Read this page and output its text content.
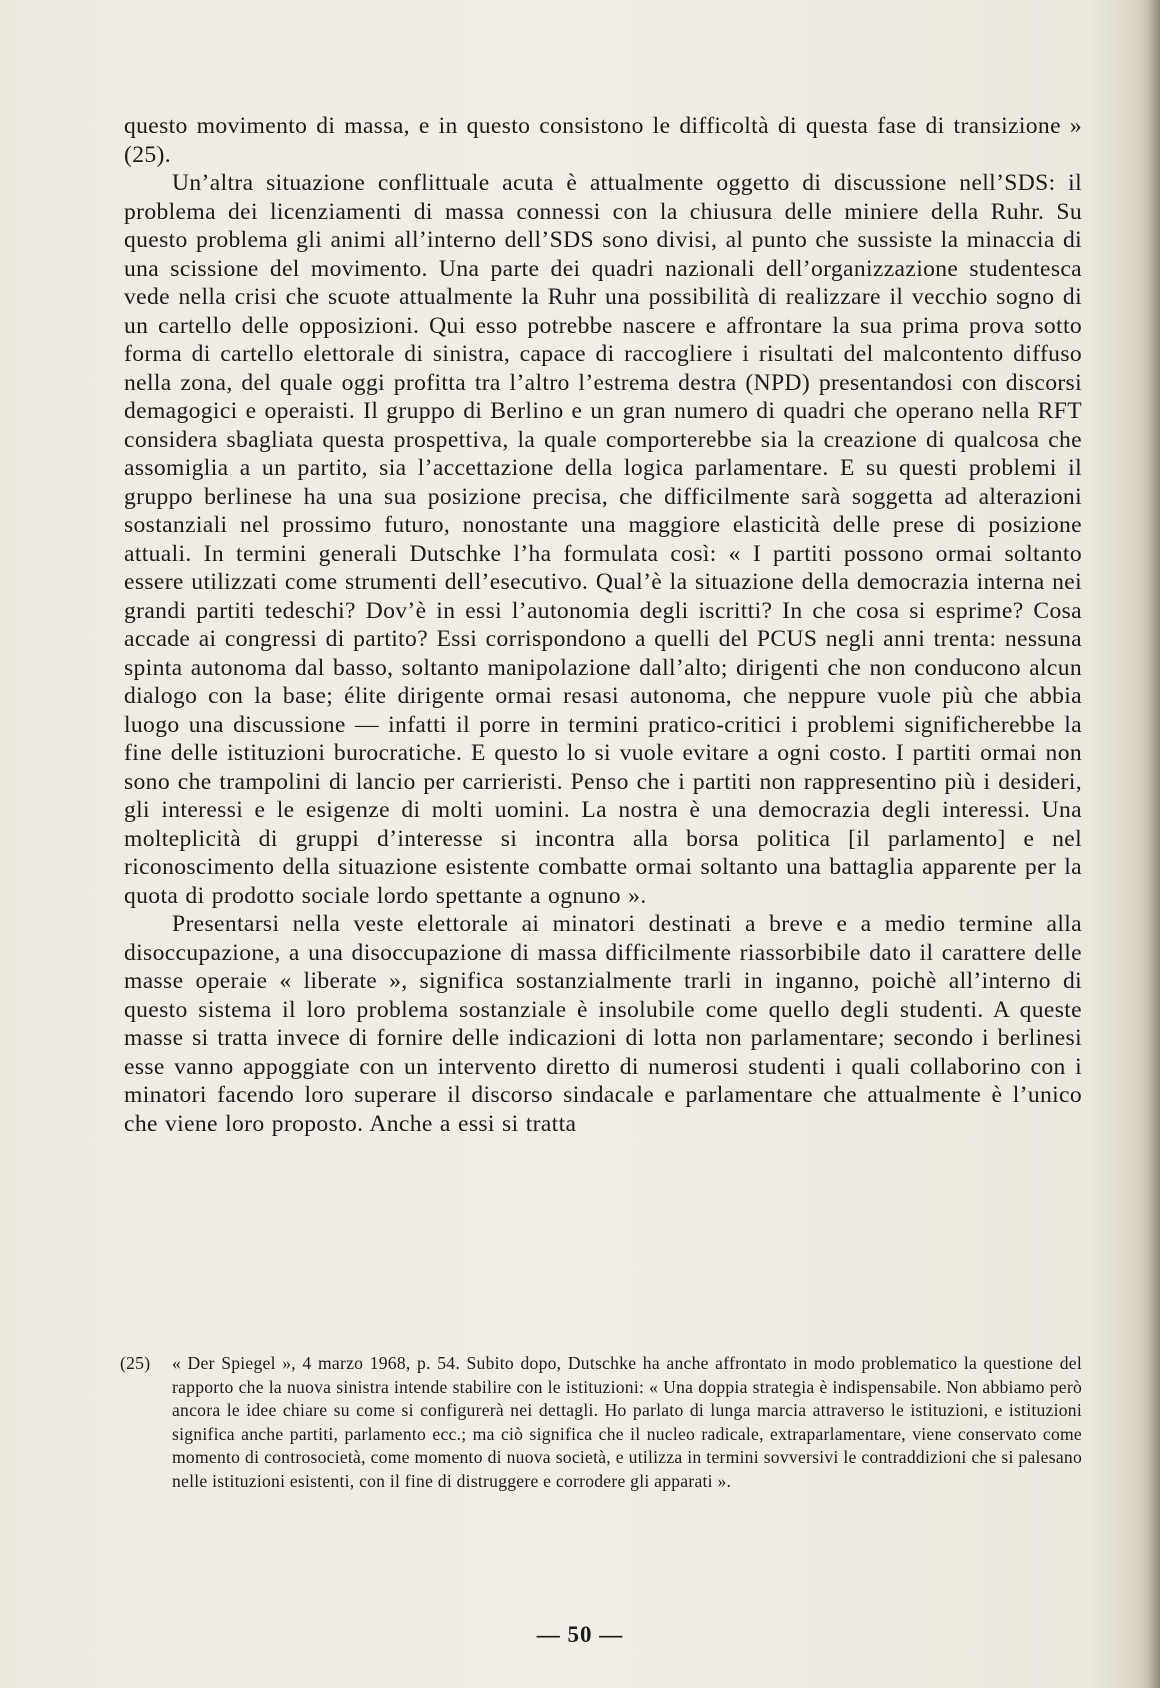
questo movimento di massa, e in questo consistono le difficoltà di questa fase di transizione » (25).

Un’altra situazione conflittuale acuta è attualmente oggetto di discussione nell’SDS: il problema dei licenziamenti di massa connessi con la chiusura delle miniere della Ruhr. Su questo problema gli animi all’interno dell’SDS sono divisi, al punto che sussiste la minaccia di una scissione del movimento. Una parte dei quadri nazionali dell’organizzazione studentesca vede nella crisi che scuote attualmente la Ruhr una possibilità di realizzare il vecchio sogno di un cartello delle opposizioni. Qui esso potrebbe nascere e affrontare la sua prima prova sotto forma di cartello elettorale di sinistra, capace di raccogliere i risultati del malcontento diffuso nella zona, del quale oggi profitta tra l’altro l’estrema destra (NPD) presentandosi con discorsi demagogici e operaisti. Il gruppo di Berlino e un gran numero di quadri che operano nella RFT considera sbagliata questa prospettiva, la quale comporterebbe sia la creazione di qualcosa che assomiglia a un partito, sia l’accettazione della logica parlamentare. E su questi problemi il gruppo berlinese ha una sua posizione precisa, che difficilmente sarà soggetta ad alterazioni sostanziali nel prossimo futuro, nonostante una maggiore elasticità delle prese di posizione attuali. In termini generali Dutschke l’ha formulata così: « I partiti possono ormai soltanto essere utilizzati come strumenti dell’esecutivo. Qual’è la situazione della democrazia interna nei grandi partiti tedeschi? Dov’è in essi l’autonomia degli iscritti? In che cosa si esprime? Cosa accade ai congressi di partito? Essi corrispondono a quelli del PCUS negli anni trenta: nessuna spinta autonoma dal basso, soltanto manipolazione dall’alto; dirigenti che non conducono alcun dialogo con la base; élite dirigente ormai resasi autonoma, che neppure vuole più che abbia luogo una discussione — infatti il porre in termini pratico-critici i problemi significherebbe la fine delle istituzioni burocratiche. E questo lo si vuole evitare a ogni costo. I partiti ormai non sono che trampolini di lancio per carrieristi. Penso che i partiti non rappresentino più i desideri, gli interessi e le esigenze di molti uomini. La nostra è una democrazia degli interessi. Una molteplicità di gruppi d’interesse si incontra alla borsa politica [il parlamento] e nel riconoscimento della situazione esistente combatte ormai soltanto una battaglia apparente per la quota di prodotto sociale lordo spettante a ognuno ».

Presentarsi nella veste elettorale ai minatori destinati a breve e a medio termine alla disoccupazione, a una disoccupazione di massa difficilmente riassorbibile dato il carattere delle masse operaie « liberate », significa sostanzialmente trarli in inganno, poichè all’interno di questo sistema il loro problema sostanziale è insolubile come quello degli studenti. A queste masse si tratta invece di fornire delle indicazioni di lotta non parlamentare; secondo i berlinesi esse vanno appoggiate con un intervento diretto di numerosi studenti i quali collaborino con i minatori facendo loro superare il discorso sindacale e parlamentare che attualmente è l’unico che viene loro proposto. Anche a essi si tratta

(25)	« Der Spiegel », 4 marzo 1968, p. 54. Subito dopo, Dutschke ha anche affrontato in modo problematico la questione del rapporto che la nuova sinistra intende stabilire con le istituzioni: « Una doppia strategia è indispensabile. Non abbiamo però ancora le idee chiare su come si configurerà nei dettagli. Ho parlato di lunga marcia attraverso le istituzioni, e istituzioni significa anche partiti, parlamento ecc.; ma ciò significa che il nucleo radicale, extraparlamentare, viene conservato come momento di controsocietà, come momento di nuova società, e utilizza in termini sovversivi le contraddizioni che si palesano nelle istituzioni esistenti, con il fine di distruggere e corrodere gli apparati ».
— 50 —
